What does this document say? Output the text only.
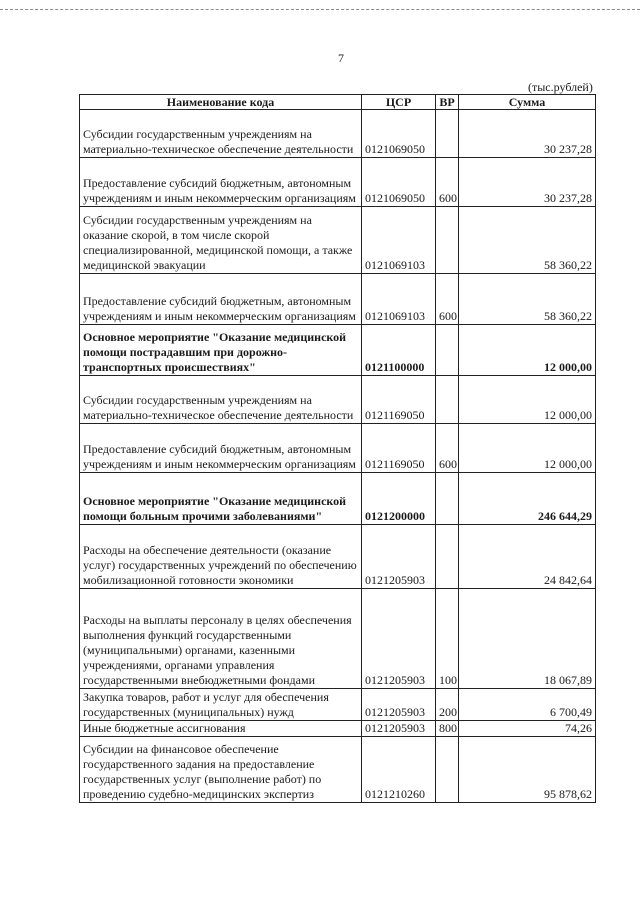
7
(тыс.рублей)
Наименование кода	ЦСР	ВР	Сумма
Субсидии государственным учреждениям на материально-техническое обеспечение деятельности	0121069050		30 237,28
Предоставление субсидий бюджетным, автономным учреждениям и иным некоммерческим организациям	0121069050	600	30 237,28
Субсидии государственным учреждениям на оказание скорой, в том числе скорой специализированной, медицинской помощи, а также медицинской эвакуации	0121069103		58 360,22
Предоставление субсидий бюджетным, автономным учреждениям и иным некоммерческим организациям	0121069103	600	58 360,22
Основное мероприятие "Оказание медицинской помощи пострадавшим при дорожно-транспортных происшествиях"	0121100000		12 000,00
Субсидии государственным учреждениям на материально-техническое обеспечение деятельности	0121169050		12 000,00
Предоставление субсидий бюджетным, автономным учреждениям и иным некоммерческим организациям	0121169050	600	12 000,00
Основное мероприятие "Оказание медицинской помощи больным прочими заболеваниями"	0121200000		246 644,29
Расходы на обеспечение деятельности (оказание услуг) государственных учреждений по обеспечению мобилизационной готовности экономики	0121205903		24 842,64
Расходы на выплаты персоналу в целях обеспечения выполнения функций государственными (муниципальными) органами, казенными учреждениями, органами управления государственными внебюджетными фондами	0121205903	100	18 067,89
Закупка товаров, работ и услуг для обеспечения государственных (муниципальных) нужд	0121205903	200	6 700,49
Иные бюджетные ассигнования	0121205903	800	74,26
Субсидии на финансовое обеспечение государственного задания на предоставление государственных услуг (выполнение работ) по проведению судебно-медицинских экспертиз	0121210260		95 878,62
